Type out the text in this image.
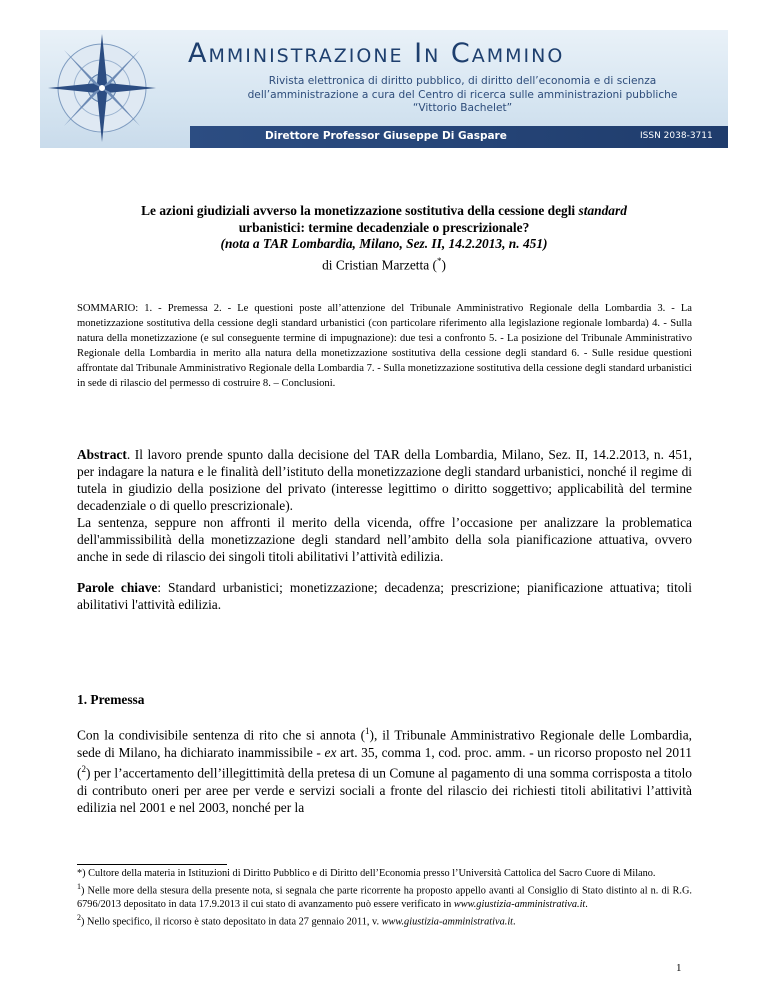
Amministrazione In Cammino
Rivista elettronica di diritto pubblico, di diritto dell’economia e di scienza
dell’amministrazione a cura del Centro di ricerca sulle amministrazioni pubbliche
“Vittorio Bachelet”
Direttore Professor Giuseppe Di Gaspare	ISSN 2038-3711
Le azioni giudiziali avverso la monetizzazione sostitutiva della cessione degli standard
urbanistici: termine decadenziale o prescrizionale?
(nota a TAR Lombardia, Milano, Sez. II, 14.2.2013, n. 451)
di Cristian Marzetta (*)
SOMMARIO: 1. - Premessa 2. - Le questioni poste all’attenzione del Tribunale Amministrativo Regionale della Lombardia 3. - La monetizzazione sostitutiva della cessione degli standard urbanistici (con particolare riferimento alla legislazione regionale lombarda) 4. - Sulla natura della monetizzazione (e sul conseguente termine di impugnazione): due tesi a confronto 5. - La posizione del Tribunale Amministrativo Regionale della Lombardia in merito alla natura della monetizzazione sostitutiva della cessione degli standard 6. - Sulle residue questioni affrontate dal Tribunale Amministrativo Regionale della Lombardia 7. - Sulla monetizzazione sostitutiva della cessione degli standard urbanistici in sede di rilascio del permesso di costruire 8. – Conclusioni.

Abstract. Il lavoro prende spunto dalla decisione del TAR della Lombardia, Milano, Sez. II, 14.2.2013, n. 451, per indagare la natura e le finalità dell’istituto della monetizzazione degli standard urbanistici, nonché il regime di tutela in giudizio della posizione del privato (interesse legittimo o diritto soggettivo; applicabilità del termine decadenziale o di quello prescrizionale).

La sentenza, seppure non affronti il merito della vicenda, offre l’occasione per analizzare la problematica dell'ammissibilità della monetizzazione degli standard nell’ambito della sola pianificazione attuativa, ovvero anche in sede di rilascio dei singoli titoli abilitativi l’attività edilizia.

Parole chiave: Standard urbanistici; monetizzazione; decadenza; prescrizione; pianificazione attuativa; titoli abilitativi l'attività edilizia.

1. Premessa
Con la condivisibile sentenza di rito che si annota ($^1$), il Tribunale Amministrativo Regionale delle Lombardia, sede di Milano, ha dichiarato inammissibile - ex art. 35, comma 1, cod. proc. amm. - un ricorso proposto nel 2011 ($^2$) per l’accertamento dell’illegittimità della pretesa di un Comune al pagamento di una somma corrisposta a titolo di contributo oneri per aree per verde e servizi sociali a fronte del rilascio dei richiesti titoli abilitativi l’attività edilizia nel 2001 e nel 2003, nonché per la

*) Cultore della materia in Istituzioni di Diritto Pubblico e di Diritto dell’Economia presso l’Università Cattolica del Sacro Cuore di Milano.

$^1$) Nelle more della stesura della presente nota, si segnala che parte ricorrente ha proposto appello avanti al Consiglio di Stato distinto al n. di R.G. 6796/2013 depositato in data 17.9.2013 il cui stato di avanzamento può essere verificato in www.giustizia-amministrativa.it.

$^2$) Nello specifico, il ricorso è stato depositato in data 27 gennaio 2011, v. www.giustizia-amministrativa.it.

1
